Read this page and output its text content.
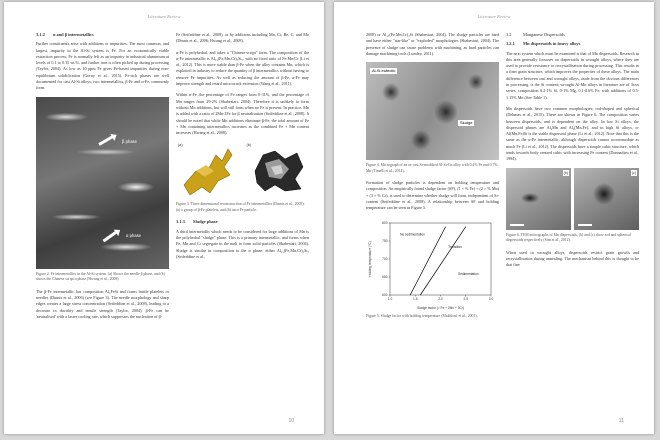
Literature Review
3.1.2 α and β intermetallics

Further constituents arise with additions or impurities. The most common, and largest, impurity in the Al-Si system is Fe. For an economically viable extraction process, Fe is normally left as an impurity in industrial aluminium at levels of 0.1 to 0.15 wt.%, and further iron is often picked up during processing (Taylor, 2004). As low as 10 ppm Fe gives Fe-based impurities during non-equilibrium solidification (Gorny et al., 2015). Fe-rich phases are well documented for cast Al-Si alloys; two intermetallics, β-Fe and α-Fe, commonly form.

β phase
α phase
Figure 2. Fe intermetallics in the Al-Si system, (a) Shows the needle β phase, and (b) shows the Chinese script α phase (Hwang et al., 2008).

The β-Fe intermetallic has composition Al₅FeSi and forms brittle platelets or needles (Dinnis et al., 2006) (see Figure 3). The needle morphology and sharp edges creates a large stress concentration (Seifeddine et al., 2008), leading to a decrease in ductility and tensile strength (Taylor, 2004). β-Fe can be 'neutralised' with a faster cooling rate, which suppresses the nucleation of β-

Fe (Seifeddine et al., 2008), or by additions including Mn, Cr, Be, C, and Mo (Dinnis et al., 2006; Hwang et al., 2008).

α-Fe is polyhedral, and takes a "Chinese-script" form. The composition of the α-Fe intermetallic is Al₁₅(Fe,Mn,Cr)₃Si₂, with no fixed ratio of Fe:Mn/Cr (Li et al., 2012). This is more stable than β-Fe when the alloy contains Mn, which is exploited in industry to reduce the quantity of β intermetallics without having to remove Fe impurities. As well as reducing the amount of β-Fe, α-Fe may improve strength and retard microcrack extension (Wang et al., 2011).

Within α-Fe, the percentage of Fe ranges from 0-31%, and the percentage of Mn ranges from 29-2% (Shabestari, 2004). Therefore it is unlikely to form without Mn additions, but will still form when no Fe is present. In practice, Mn is added with a ratio of 2Mn:1Fe for β neutralisation (Seifeddine et al., 2008). It should be noted that while Mn additions eliminate β-Fe, the total amount of Fe + Mn containing intermetallics increases as the combined Fe + Mn content increases (Hwang et al., 2008).

(a)	(b)
Figure 3. Three dimensional reconstruction of Fe intermetallics (Dinnis et al., 2005): (a) a group of β-Fe platelets, and (b) an α-Fe particle.
3.1.3 Sludge phase

A third intermetallic which needs to be considered for large additions of Mn is the polyhedral "sludge" phase. This is a primary intermetallic, and forms when Fe, Mn and Cr segregate in the melt to form solid particles (Shabestari, 2004). Sludge is similar in composition to the α phase: either Al₁₅(Fe,Mn,Cr)₃Si₂ (Seifeddine et al.,

10
Literature Review

2008) or Al₁₂(Fe,Mn,Cr)₃Si (Shabestari, 2004). The sludge particles are hard and have either "star-like" or "exploded" morphologies (Shabestari, 2004). The presence of sludge can cause problems with machining, as hard particles can damage machining tools (Lumley, 2011).

Al-Si eutectic
Sludge
Figure 4. Micrograph of an as-cast Sr-modified Al-Si-Cu alloy with 0.4% Fe and 0.7% Mn (Timelli et al., 2014).

Formation of sludge particles is dependent on holding temperature and composition. An empirically found sludge factor (SF), (1 × % Fe) + (2 × % Mn) + (3 × % Cr), is used to determine whether sludge will form, independent of Si-content (Seifeddine et al., 2008). A relationship between SF and holding temperature can be seen in Figure 5.

1.0	1.5	2.0	2.5	3.0
600
650
700
750
800
No sedimentation
Transition
Sedimentation
Sludge factor (= Fe + 2Mn + 3Cr)
Holding temperature (°C)
Figure 5. Sludge factor with holding temperature (Makhlouf et al., 2001).
3.2	Manganese Dispersoids
3.2.1 Mn dispersoids in heavy alloys

The next system which must be examined is that of Mn dispersoids. Research in this area generally focusses on dispersoids in wrought alloys, where they are used to provide resistance to recrystallisation during processing. This results in a finer grain structure, which improves the properties of these alloys. The main difference between cast and wrought alloys, aside from the obvious differences in processing, is the Si content; wrought Al-Mn alloys in literature are of 3xxx series, composition 0.2-1% Si, 0-1% Mg, 0.1-0.6% Fe, with additions of 0.5-1.15% Mn (See Table 1).

Mn dispersoids have two common morphologies; rod-shaped and spherical (Dehmas et al., 2015). These are shown in Figure 6. The composition varies between dispersoids, and is dependent on the alloy. In low Si alloys, the dispersoid phases are Al₆Mn and Al₆(Mn,Fe), and in high Si alloys, α-Al(Mn,Fe)Si is the stable dispersoid phase (Li et al., 2012). Note that this is the same as the α-Fe intermetallic, although dispersoids cannot accommodate as much Fe (Li et al., 2012). The dispersoids have a simple cubic structure, which tends towards body centred cubic with increasing Fe content (Donnadieu et al., 1994).

(b)	(c)
Figure 6. TEM micrographs of Mn dispersoids, (b) and (c) show rod and spherical dispersoids respectively (Sim et al., 2012).

When used in wrought alloys, dispersoids restrict grain growth and recrystallisation during annealing. The mechanism behind this is thought to be that fine

11
